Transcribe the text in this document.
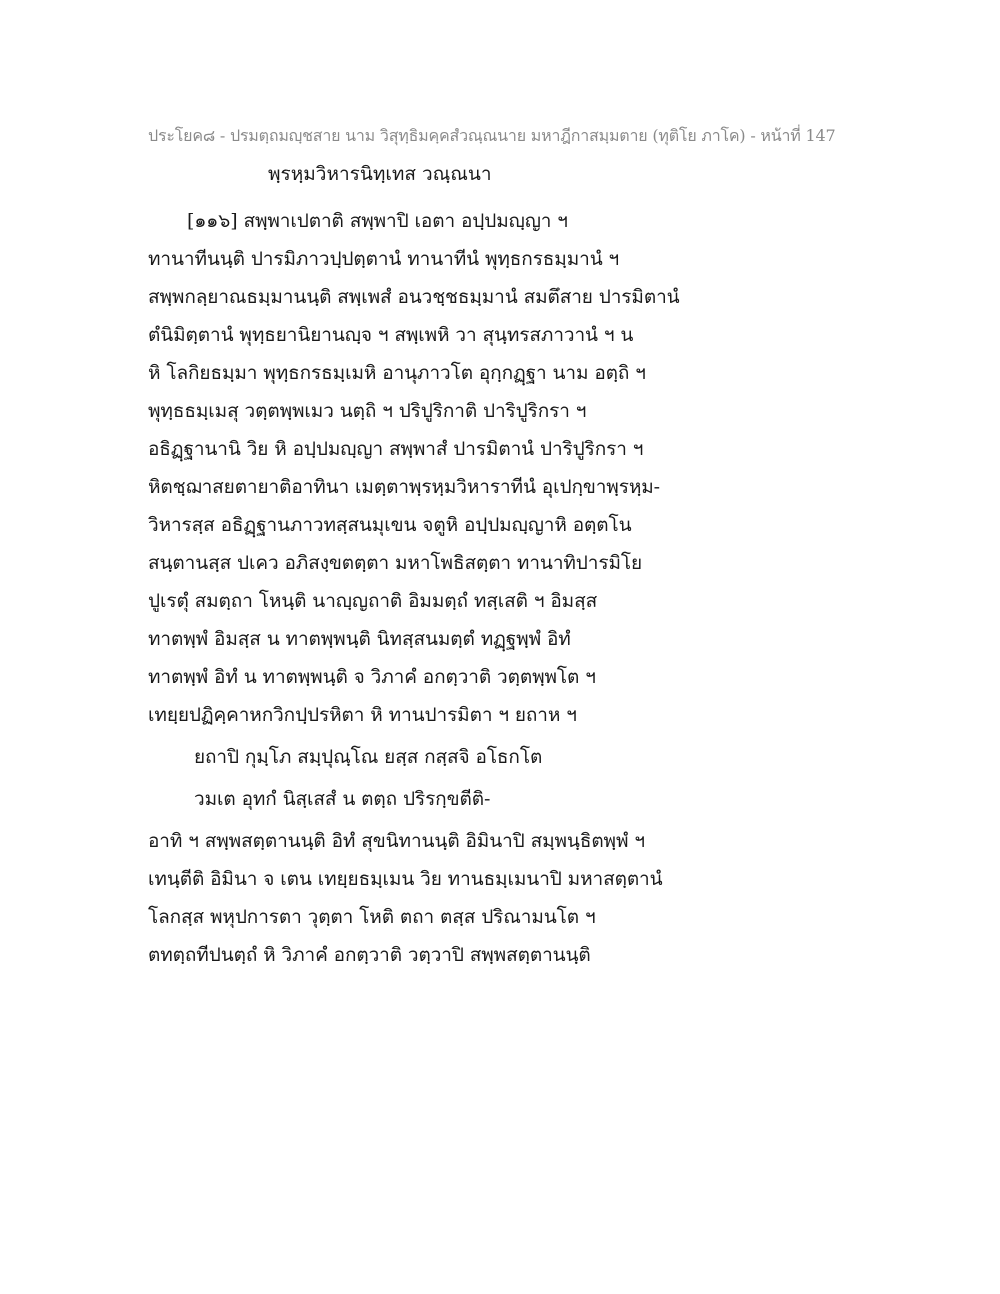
ประโยค๘ - ปรมตฺถมญฺชสาย นาม วิสุทฺธิมคฺคสํวณฺณนาย มหาฎีกาสมฺมตาย (ทุติโย ภาโค) - หน้าที่ 147
พฺรหฺมวิหารนิทฺเทส วณฺณนา
[๑๑๖] สพฺพาเปตาติ สพฺพาปิ เอตา อปฺปมญฺญา ฯ
ทานาทีนนฺติ ปารมิภาวปฺปตฺตานํ ทานาทีนํ พุทฺธกรธมฺมานํ ฯ
สพฺพกลฺยาณธมฺมานนฺติ สพฺเพสํ อนวชฺชธมฺมานํ สมตึสาย ปารมิตานํ
ตํนิมิตฺตานํ พุทฺธยานิยานญฺจ ฯ สพฺเพหิ วา สุนฺทรสภาวานํ ฯ น
หิ โลกิยธมฺมา พุทฺธกรธมฺเมหิ อานุภาวโต อุกฺกฏฺฐา นาม อตฺถิ ฯ
พุทฺธธมฺเมสุ วตฺตพฺพเมว นตฺถิ ฯ ปริปูริกาติ ปาริปูริกรา ฯ
อธิฏฺฐานานิ วิย หิ อปฺปมญฺญา สพฺพาสํ ปารมิตานํ ปาริปูริกรา ฯ
หิตชฺฌาสยตายาติอาทินา เมตฺตาพฺรหฺมวิหาราทีนํ อุเปกฺขาพฺรหฺม-
วิหารสฺส อธิฏฺฐานภาวทสฺสนมุเขน จตูหิ อปฺปมญฺญาหิ อตฺตโน
สนฺตานสฺส ปเคว อภิสงฺขตตฺตา มหาโพธิสตฺตา ทานาทิปารมิโย
ปูเรตุํ สมตฺถา โหนฺติ นาญฺญถาติ อิมมตฺถํ ทสฺเสติ ฯ อิมสฺส
ทาตพฺพํ อิมสฺส น ทาตพฺพนฺติ นิทสฺสนมตฺตํ ทฏฺฐพฺพํ อิทํ
ทาตพฺพํ อิทํ น ทาตพฺพนฺติ จ วิภาคํ อกตฺวาติ วตฺตพฺพโต ฯ
เทยฺยปฏิคฺคาหกวิกปฺปรหิตา หิ ทานปารมิตา ฯ ยถาห ฯ
ยถาปิ กุมฺโภ สมฺปุณฺโณ ยสฺส กสฺสจิ อโธกโต
วมเต อุทกํ นิสฺเสสํ น ตตฺถ ปริรกฺขตีติ-
อาทิ ฯ สพฺพสตฺตานนฺติ อิทํ สุขนิทานนฺติ อิมินาปิ สมฺพนฺธิตพฺพํ ฯ
เทนฺตีติ อิมินา จ เตน เทยฺยธมฺเมน วิย ทานธมฺเมนาปิ มหาสตฺตานํ
โลกสฺส พหุปการตา วุตฺตา โหติ ตถา ตสฺส ปริณามนโต ฯ
ตทตฺถทีปนตฺถํ หิ วิภาคํ อกตฺวาติ วตฺวาปิ สพฺพสตฺตานนฺติ
